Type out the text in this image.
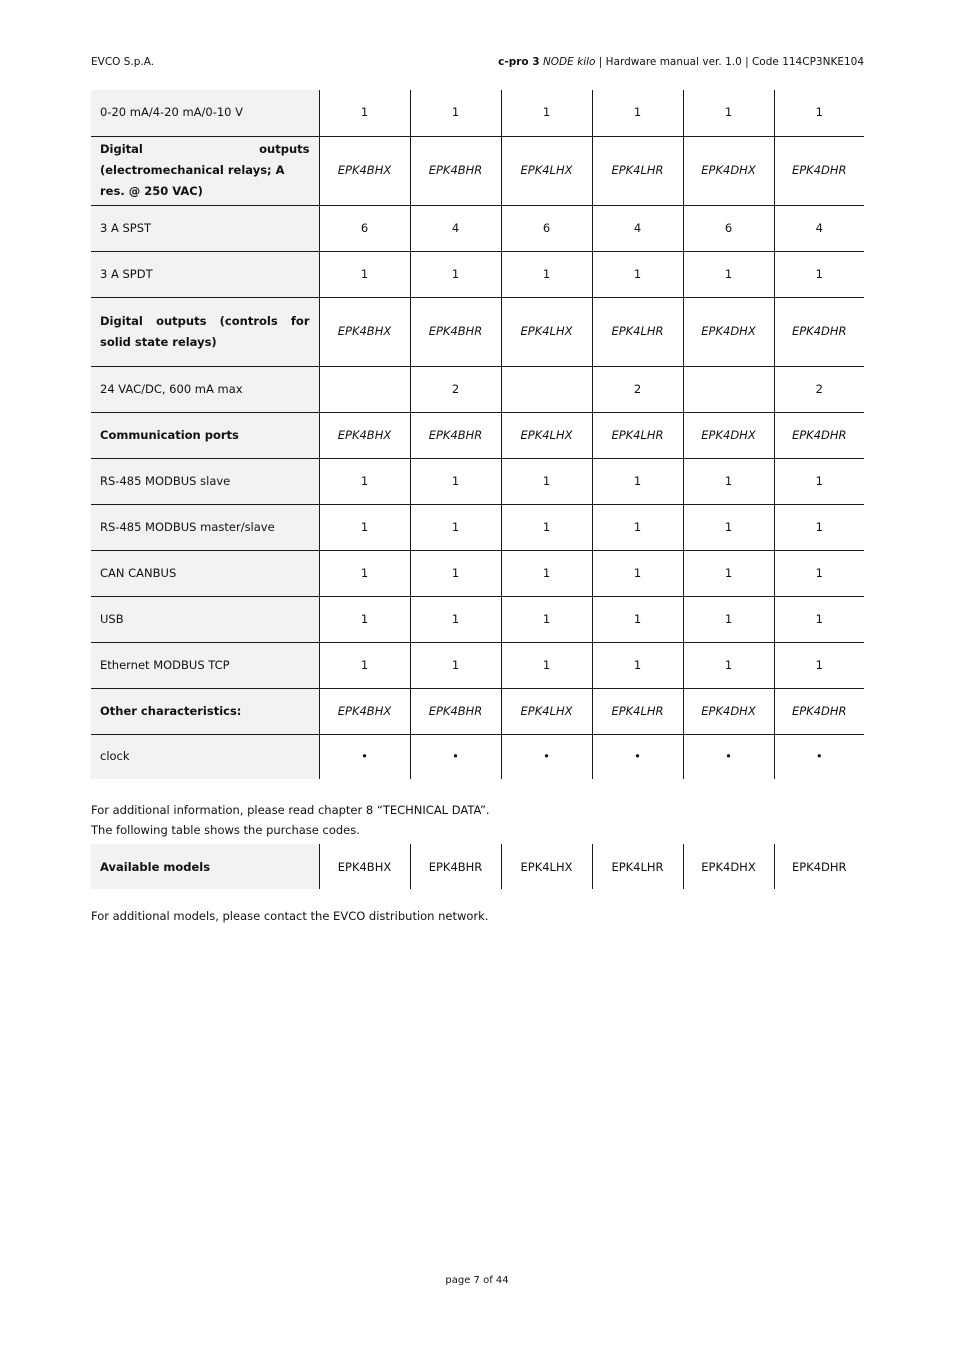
EVCO S.p.A.	c-pro 3 NODE kilo | Hardware manual ver. 1.0 | Code 114CP3NKE104
0-20 mA/4-20 mA/0-10 V	1	1	1	1	1	1

Digital outputs
(electromechanical relays; A res. @ 250 VAC)	EPK4BHX	EPK4BHR	EPK4LHX	EPK4LHR	EPK4DHX	EPK4DHR
3 A SPST	6	4	6	4	6	4
3 A SPDT	1	1	1	1	1	1
Digital outputs (controls for solid state relays)	EPK4BHX	EPK4BHR	EPK4LHX	EPK4LHR	EPK4DHX	EPK4DHR
24 VAC/DC, 600 mA max		2		2		2
Communication ports	EPK4BHX	EPK4BHR	EPK4LHX	EPK4LHR	EPK4DHX	EPK4DHR
RS-485 MODBUS slave	1	1	1	1	1	1
RS-485 MODBUS master/slave	1	1	1	1	1	1
CAN CANBUS	1	1	1	1	1	1
USB	1	1	1	1	1	1
Ethernet MODBUS TCP	1	1	1	1	1	1
Other characteristics:	EPK4BHX	EPK4BHR	EPK4LHX	EPK4LHR	EPK4DHX	EPK4DHR
clock	•	•	•	•	•	•
For additional information, please read chapter 8 “TECHNICAL DATA”.
The following table shows the purchase codes.
Available models	EPK4BHX	EPK4BHR	EPK4LHX	EPK4LHR	EPK4DHX	EPK4DHR
For additional models, please contact the EVCO distribution network.
page 7 of 44
